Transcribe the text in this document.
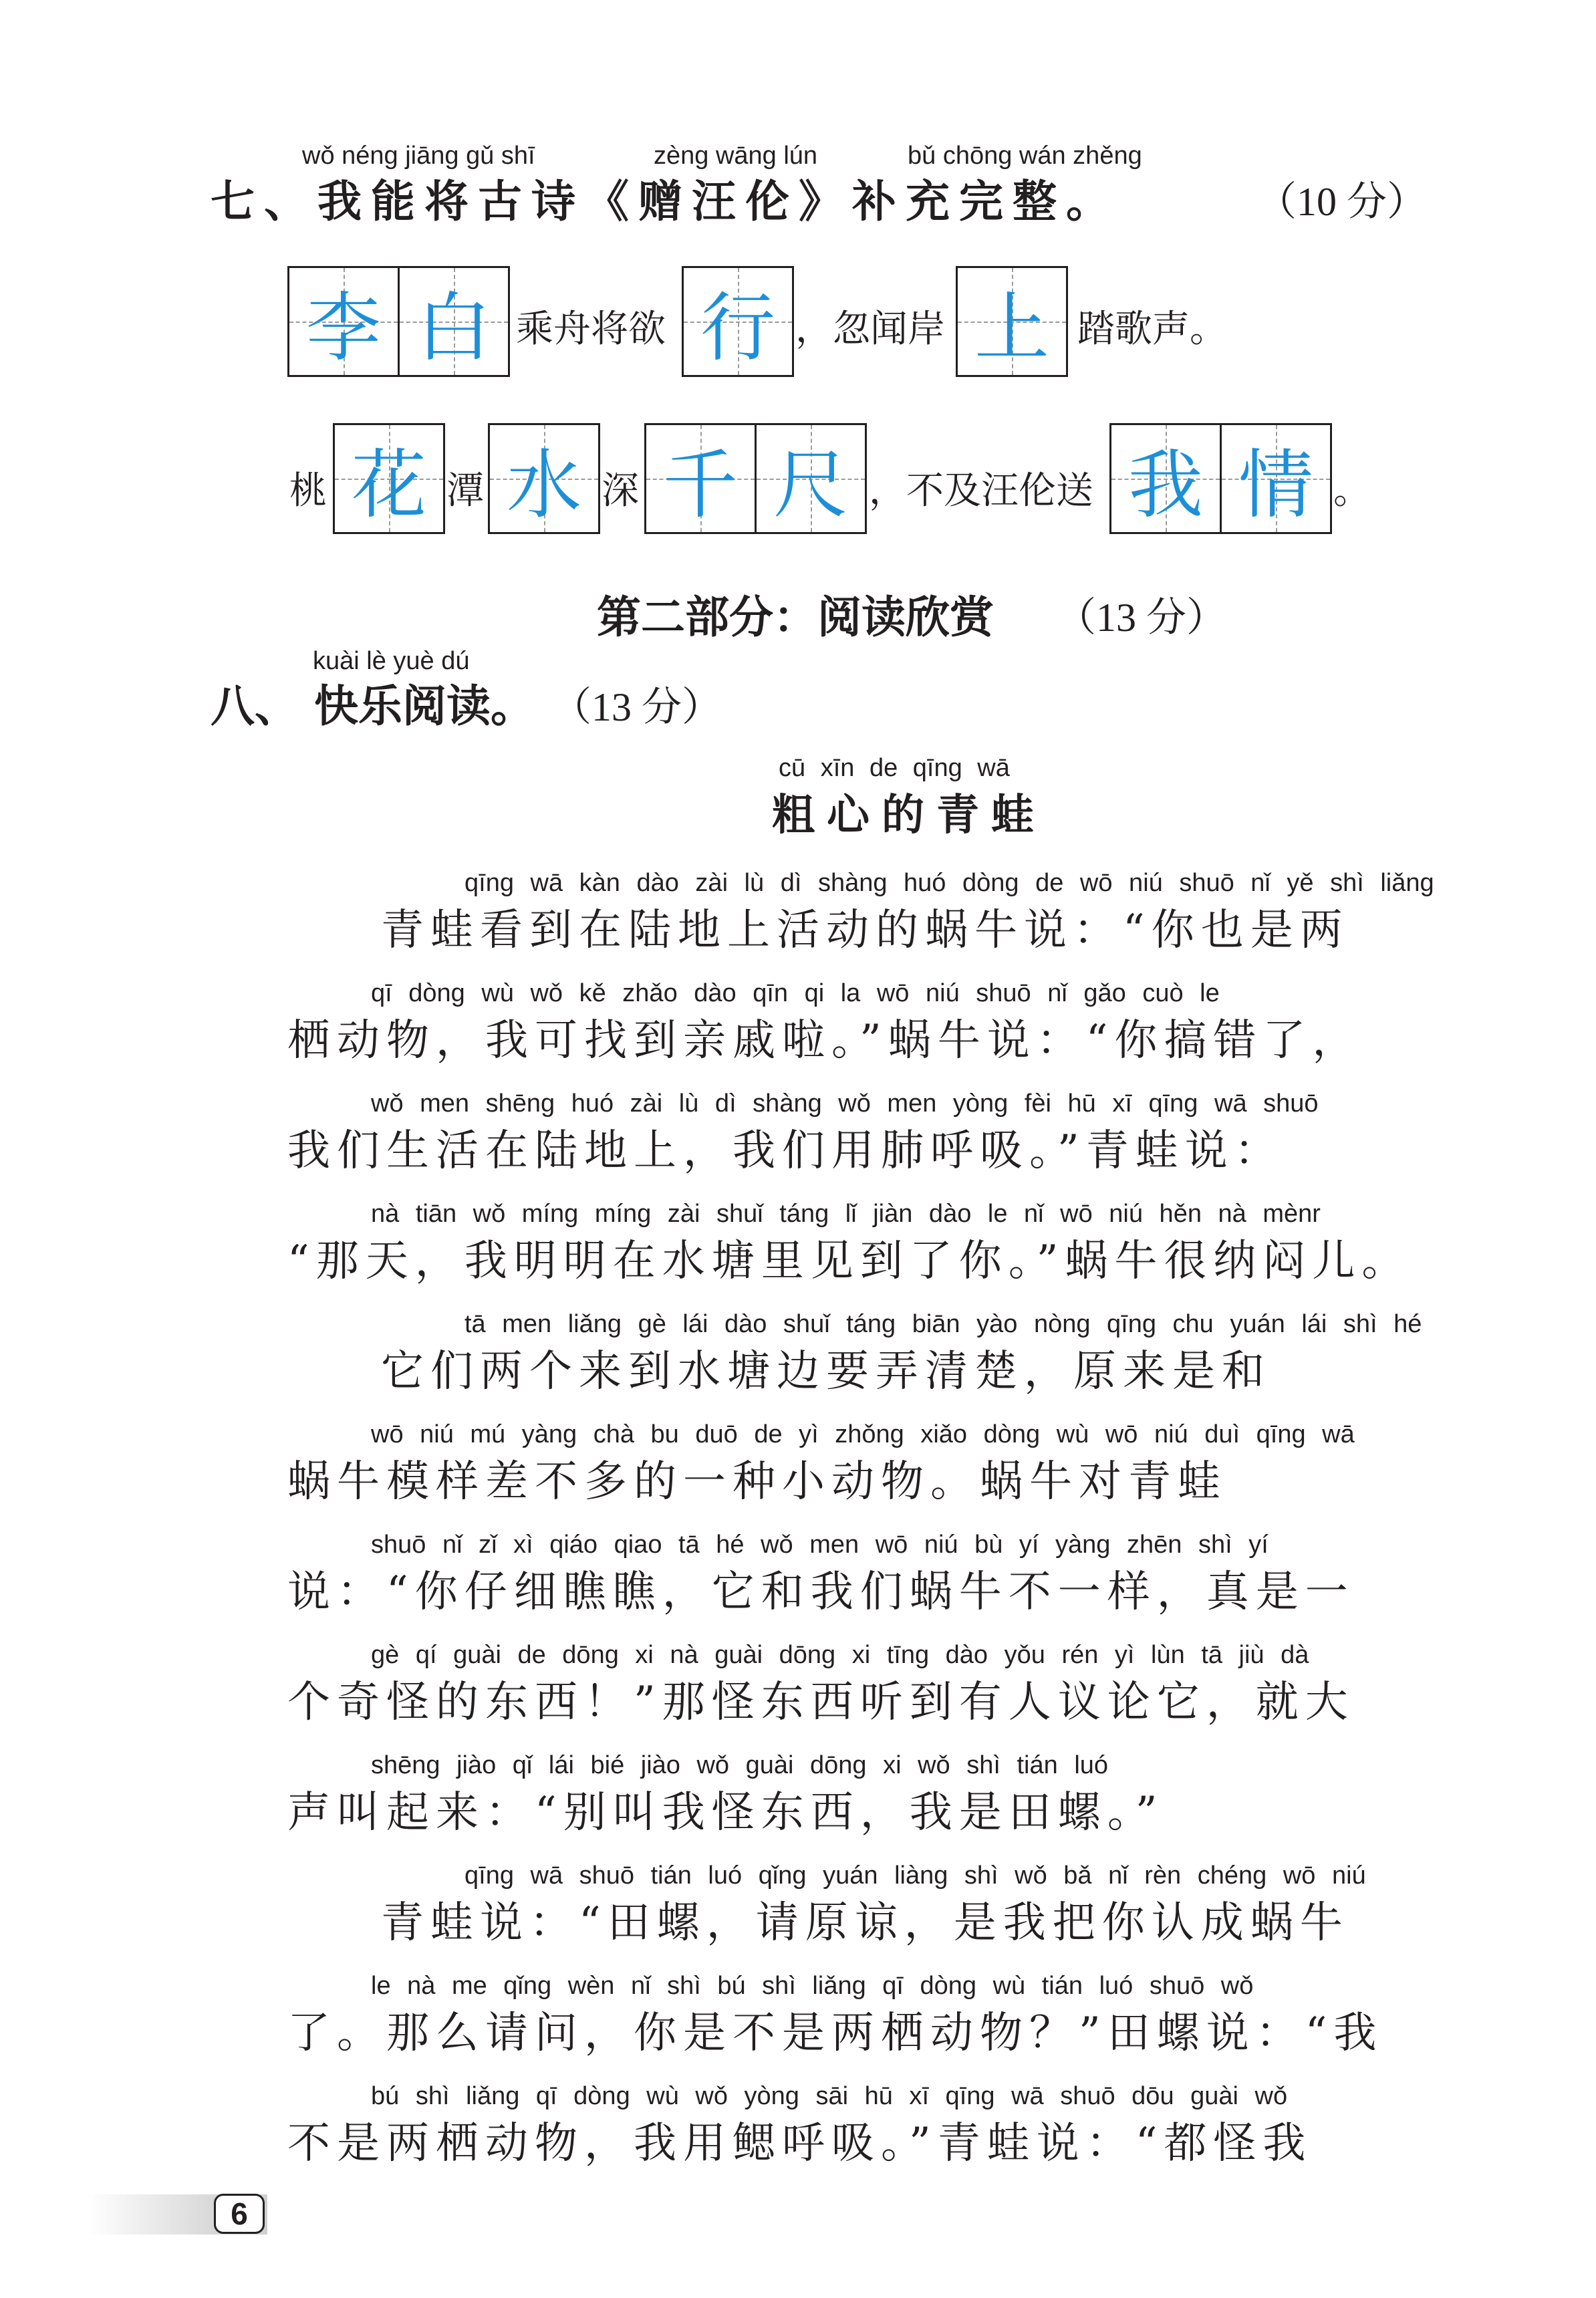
wǒ néng jiāng gǔ shī	zèng wāng lún	bǔ chōng wán zhěng
七、我能将古诗《赠汪伦》补充完整。	（10 分）
李 白 乘舟将欲 行 ，忽闻岸 上 踏歌声。
桃 花 潭 水 深 千 尺 ，不及汪伦送 我 情 。
第二部分：阅读欣赏 （13 分）
kuài lè yuè dú
八、 快乐阅读。 （13 分）
cū xīn de qīng wā
粗心的青蛙
qīng wā kàn dào zài lù dì shàng huó dòng de wō niú shuō nǐ yě shì liǎng
青蛙看到在陆地上活动的蜗牛说：“你也是两
qī dòng wù wǒ kě zhǎo dào qīn qi la wō niú shuō nǐ gǎo cuò le
栖动物，我可找到亲戚啦。”蜗牛说：“你搞错了，
wǒ men shēng huó zài lù dì shàng wǒ men yòng fèi hū xī qīng wā shuō
我们生活在陆地上，我们用肺呼吸。”青蛙说：
nà tiān wǒ míng míng zài shuǐ táng lǐ jiàn dào le nǐ wō niú hěn nà mènr
“那天，我明明在水塘里见到了你。”蜗牛很纳闷儿。
tā men liǎng gè lái dào shuǐ táng biān yào nòng qīng chu yuán lái shì hé
它们两个来到水塘边要弄清楚，原来是和
wō niú mú yàng chà bu duō de yì zhǒng xiǎo dòng wù wō niú duì qīng wā
蜗牛模样差不多的一种小动物。蜗牛对青蛙
shuō nǐ zǐ xì qiáo qiao tā hé wǒ men wō niú bù yí yàng zhēn shì yí
说：“你仔细瞧瞧，它和我们蜗牛不一样，真是一
gè qí guài de dōng xi nà guài dōng xi tīng dào yǒu rén yì lùn tā jiù dà
个奇怪的东西！”那怪东西听到有人议论它，就大
shēng jiào qǐ lái bié jiào wǒ guài dōng xi wǒ shì tián luó
声叫起来：“别叫我怪东西，我是田螺。”
qīng wā shuō tián luó qǐng yuán liàng shì wǒ bǎ nǐ rèn chéng wō niú
青蛙说：“田螺，请原谅，是我把你认成蜗牛
le nà me qǐng wèn nǐ shì bú shì liǎng qī dòng wù tián luó shuō wǒ
了。那么请问，你是不是两栖动物？”田螺说：“我
bú shì liǎng qī dòng wù wǒ yòng sāi hū xī qīng wā shuō dōu guài wǒ
不是两栖动物，我用鳃呼吸。”青蛙说：“都怪我
6
